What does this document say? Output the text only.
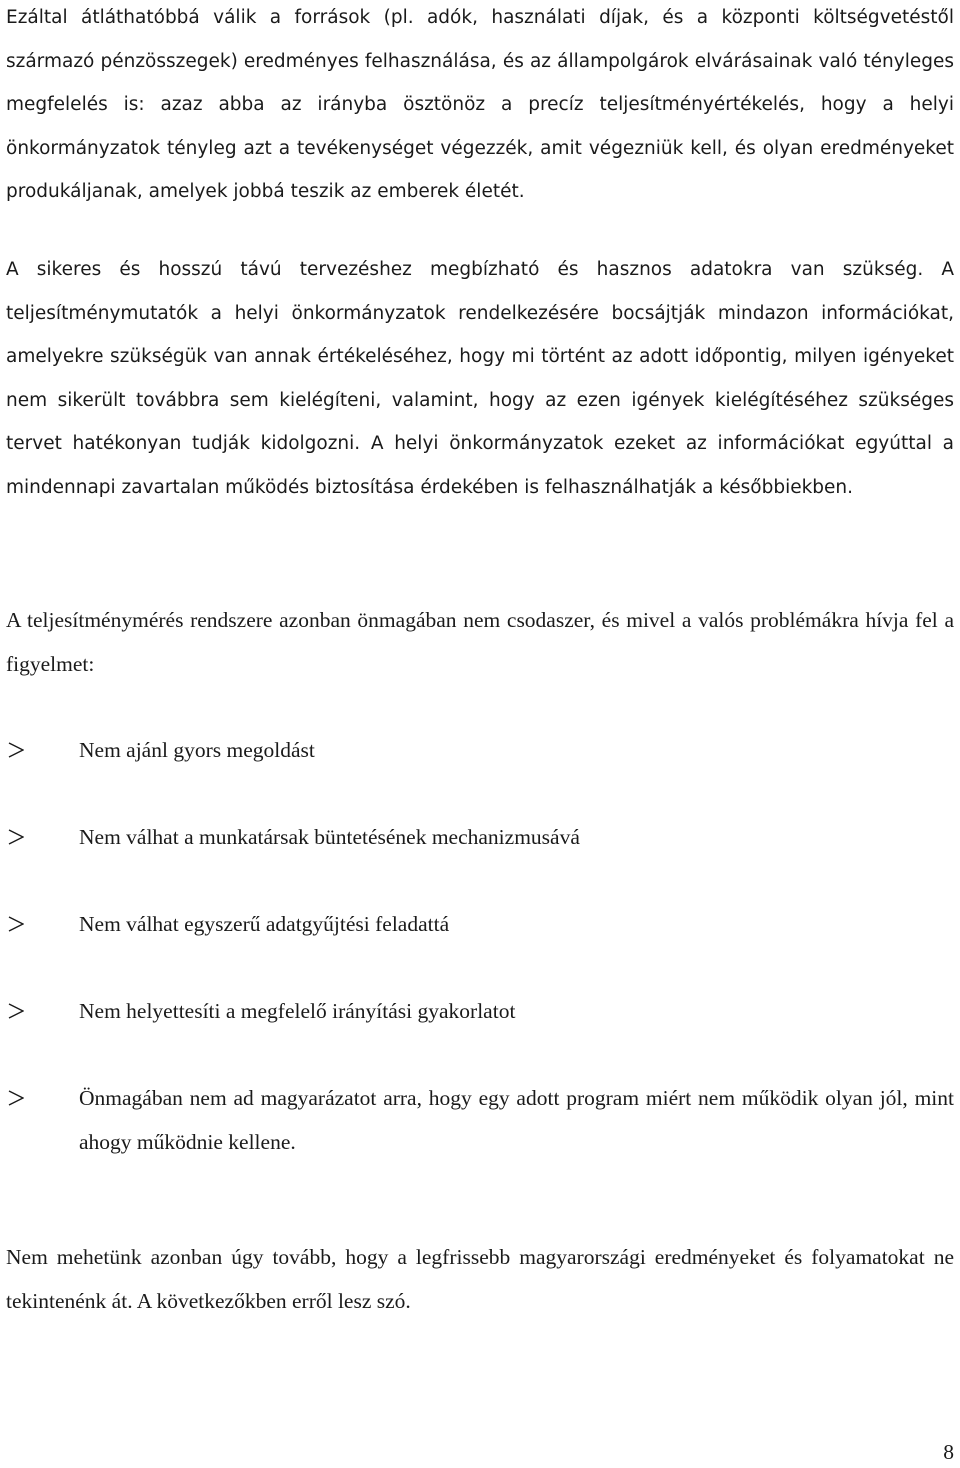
Ezáltal átláthatóbbá válik a források (pl. adók, használati díjak, és a központi költségvetéstől származó pénzösszegek) eredményes felhasználása, és az állampolgárok elvárásainak való tényleges megfelelés is: azaz abba az irányba ösztönöz a precíz teljesítményértékelés, hogy a helyi önkormányzatok tényleg azt a tevékenységet végezzék, amit végezniük kell, és olyan eredményeket produkáljanak, amelyek jobbá teszik az emberek életét.

A sikeres és hosszú távú tervezéshez megbízható és hasznos adatokra van szükség. A teljesítménymutatók a helyi önkormányzatok rendelkezésére bocsájtják mindazon információkat, amelyekre szükségük van annak értékeléséhez, hogy mi történt az adott időpontig, milyen igényeket nem sikerült továbbra sem kielégíteni, valamint, hogy az ezen igények kielégítéséhez szükséges tervet hatékonyan tudják kidolgozni. A helyi önkormányzatok ezeket az információkat egyúttal a mindennapi zavartalan működés biztosítása érdekében is felhasználhatják a későbbiekben.

A teljesítménymérés rendszere azonban önmagában nem csodaszer, és mivel a valós problémákra hívja fel a figyelmet:

Nem ajánl gyors megoldást
Nem válhat a munkatársak büntetésének mechanizmusává
Nem válhat egyszerű adatgyűjtési feladattá
Nem helyettesíti a megfelelő irányítási gyakorlatot
Önmagában nem ad magyarázatot arra, hogy egy adott program miért nem működik olyan jól, mint ahogy működnie kellene.

Nem mehetünk azonban úgy tovább, hogy a legfrissebb magyarországi eredményeket és folyamatokat ne tekintenénk át. A következőkben erről lesz szó.

8
